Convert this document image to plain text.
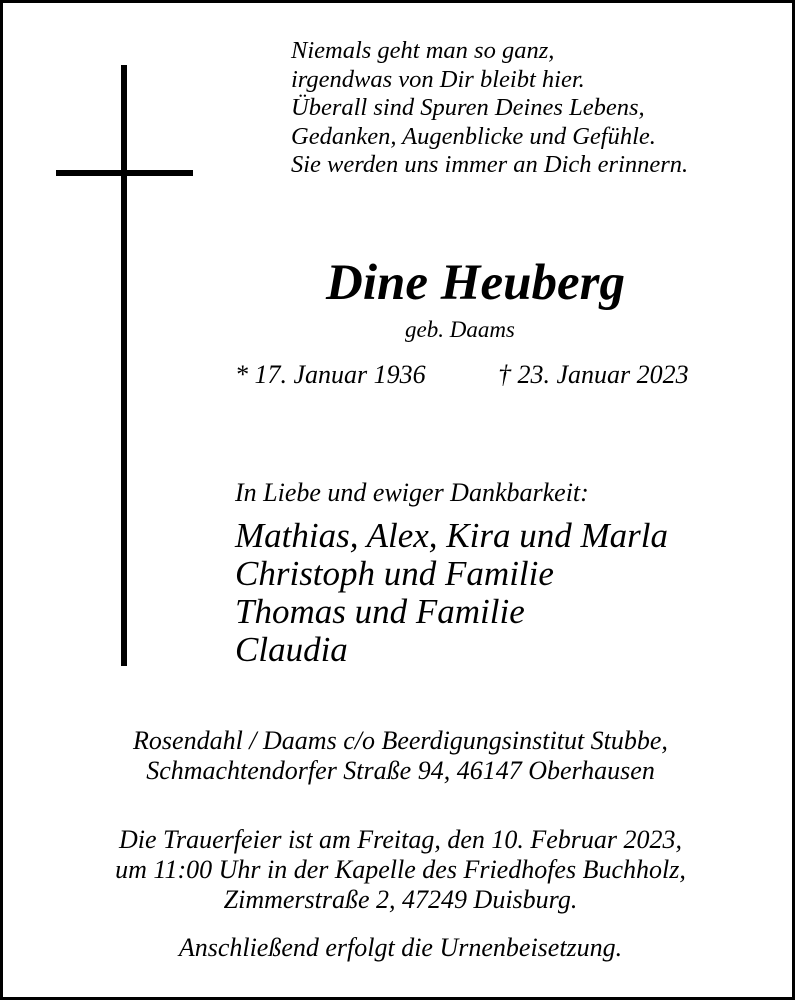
Niemals geht man so ganz,
irgendwas von Dir bleibt hier.
Überall sind Spuren Deines Lebens,
Gedanken, Augenblicke und Gefühle.
Sie werden uns immer an Dich erinnern.
Dine Heuberg
geb. Daams
* 17. Januar 1936	† 23. Januar 2023
In Liebe und ewiger Dankbarkeit:
Mathias, Alex, Kira und Marla
Christoph und Familie
Thomas und Familie
Claudia
Rosendahl / Daams c/o Beerdigungsinstitut Stubbe,
Schmachtendorfer Straße 94, 46147 Oberhausen
Die Trauerfeier ist am Freitag, den 10. Februar 2023,
um 11:00 Uhr in der Kapelle des Friedhofes Buchholz,
Zimmerstraße 2, 47249 Duisburg.
Anschließend erfolgt die Urnenbeisetzung.
